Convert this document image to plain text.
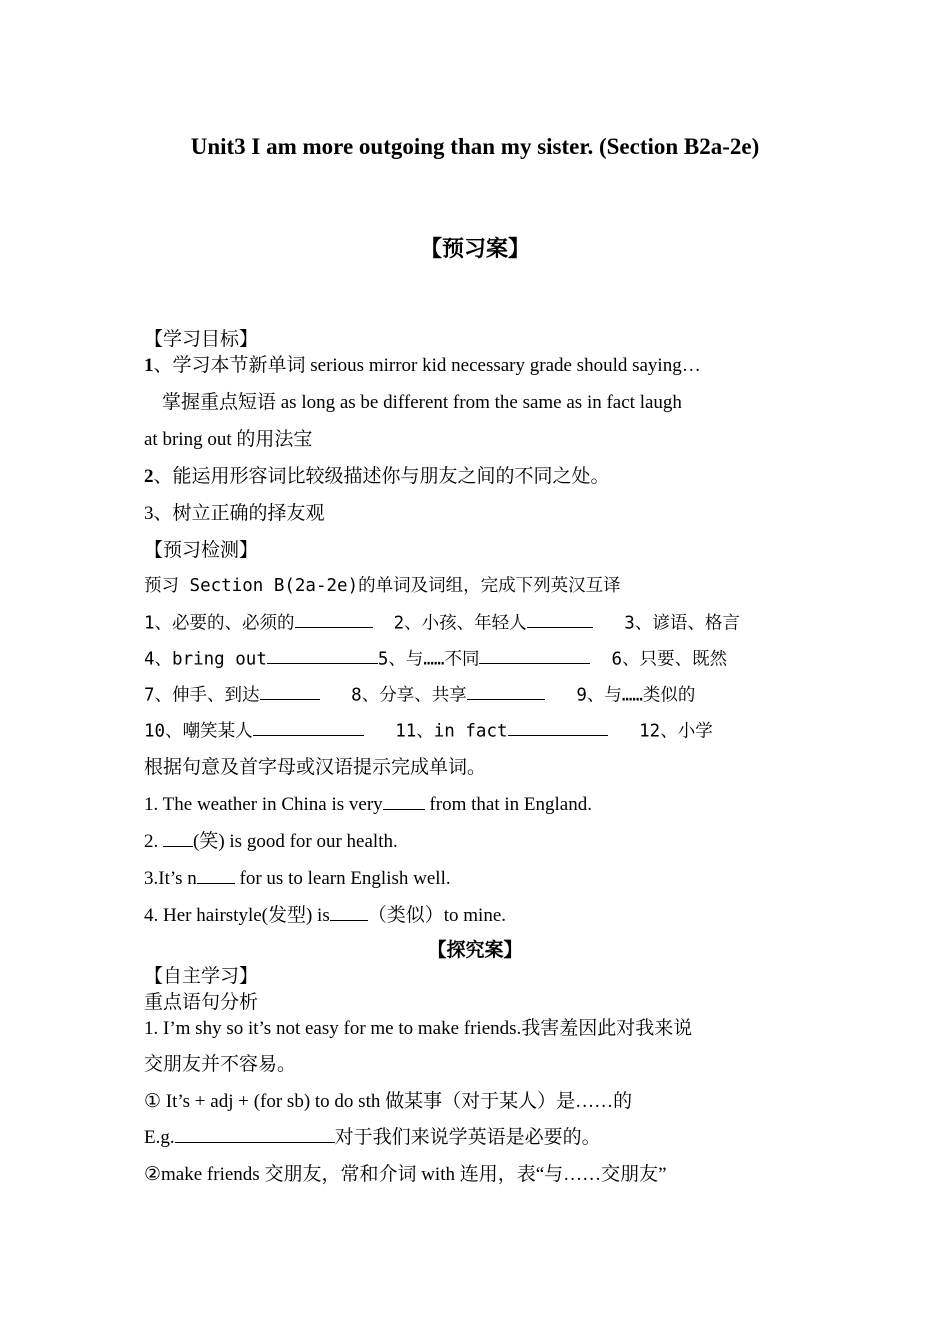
Unit3 I am more outgoing than my sister. (Section B2a-2e)
【预习案】
【学习目标】
1、学习本节新单词 serious mirror kid necessary grade should saying…
掌握重点短语 as long as be different from the same as in fact laugh
at bring out 的用法宝
2、能运用形容词比较级描述你与朋友之间的不同之处。
3、树立正确的择友观
【预习检测】
预习 Section B(2a-2e)的单词及词组，完成下列英汉互译
1、必要的、必须的	2、小孩、年轻人	3、谚语、格言
4、bring out	5、与……不同	6、只要、既然
7、伸手、到达	8、分享、共享	9、与……类似的
10、嘲笑某人	11、in fact	12、小学
根据句意及首字母或汉语提示完成单词。
1. The weather in China is very from that in England.
2. (笑) is good for our health.
3.It’s n for us to learn English well.
4. Her hairstyle(发型) is （类似）to mine.
【探究案】
【自主学习】
重点语句分析
1. I’m shy so it’s not easy for me to make friends.我害羞因此对我来说
交朋友并不容易。
① It’s + adj + (for sb) to do sth 做某事（对于某人）是……的
E.g.	对于我们来说学英语是必要的。
②make friends 交朋友，常和介词 with 连用，表“与……交朋友”
